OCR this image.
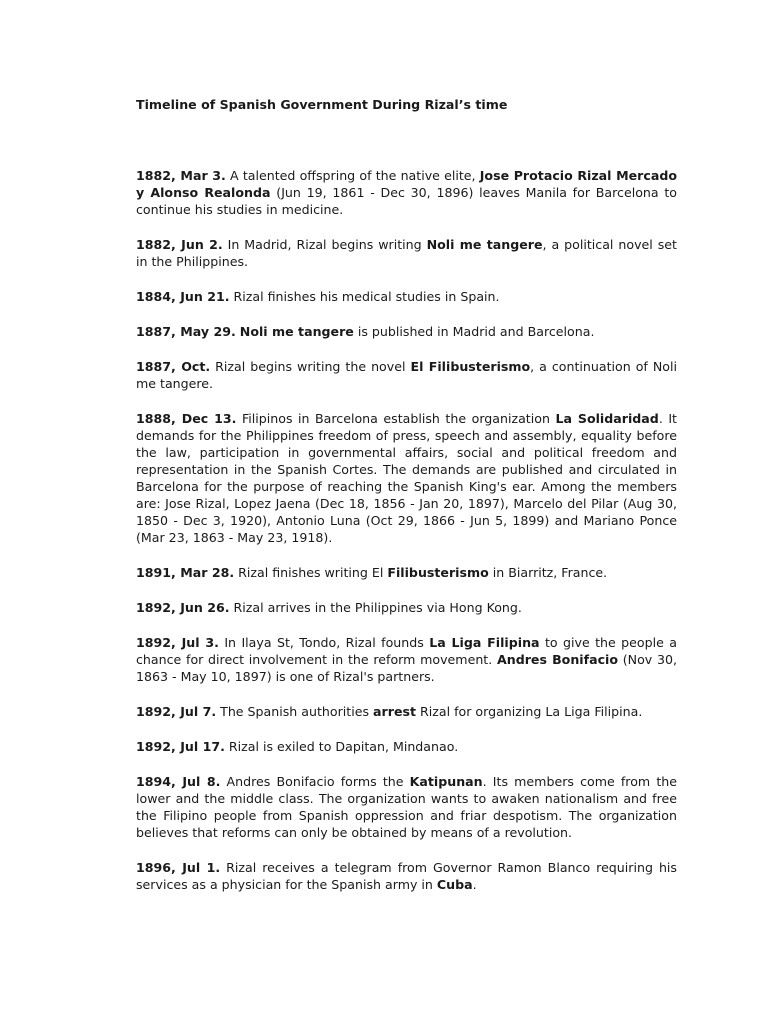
Timeline of Spanish Government During Rizal’s time

1882, Mar 3. A talented offspring of the native elite, Jose Protacio Rizal Mercado y Alonso Realonda (Jun 19, 1861 - Dec 30, 1896) leaves Manila for Barcelona to continue his studies in medicine.

1882, Jun 2. In Madrid, Rizal begins writing Noli me tangere, a political novel set in the Philippines.

1884, Jun 21. Rizal finishes his medical studies in Spain.

1887, May 29. Noli me tangere is published in Madrid and Barcelona.

1887, Oct. Rizal begins writing the novel El Filibusterismo, a continuation of Noli me tangere.

1888, Dec 13. Filipinos in Barcelona establish the organization La Solidaridad. It demands for the Philippines freedom of press, speech and assembly, equality before the law, participation in governmental affairs, social and political freedom and representation in the Spanish Cortes. The demands are published and circulated in Barcelona for the purpose of reaching the Spanish King's ear. Among the members are: Jose Rizal, Lopez Jaena (Dec 18, 1856 - Jan 20, 1897), Marcelo del Pilar (Aug 30, 1850 - Dec 3, 1920), Antonio Luna (Oct 29, 1866 - Jun 5, 1899) and Mariano Ponce (Mar 23, 1863 - May 23, 1918).

1891, Mar 28. Rizal finishes writing El Filibusterismo in Biarritz, France.

1892, Jun 26. Rizal arrives in the Philippines via Hong Kong.

1892, Jul 3. In Ilaya St, Tondo, Rizal founds La Liga Filipina to give the people a chance for direct involvement in the reform movement. Andres Bonifacio (Nov 30, 1863 - May 10, 1897) is one of Rizal's partners.

1892, Jul 7. The Spanish authorities arrest Rizal for organizing La Liga Filipina.

1892, Jul 17. Rizal is exiled to Dapitan, Mindanao.

1894, Jul 8. Andres Bonifacio forms the Katipunan. Its members come from the lower and the middle class. The organization wants to awaken nationalism and free the Filipino people from Spanish oppression and friar despotism. The organization believes that reforms can only be obtained by means of a revolution.

1896, Jul 1. Rizal receives a telegram from Governor Ramon Blanco requiring his services as a physician for the Spanish army in Cuba.
